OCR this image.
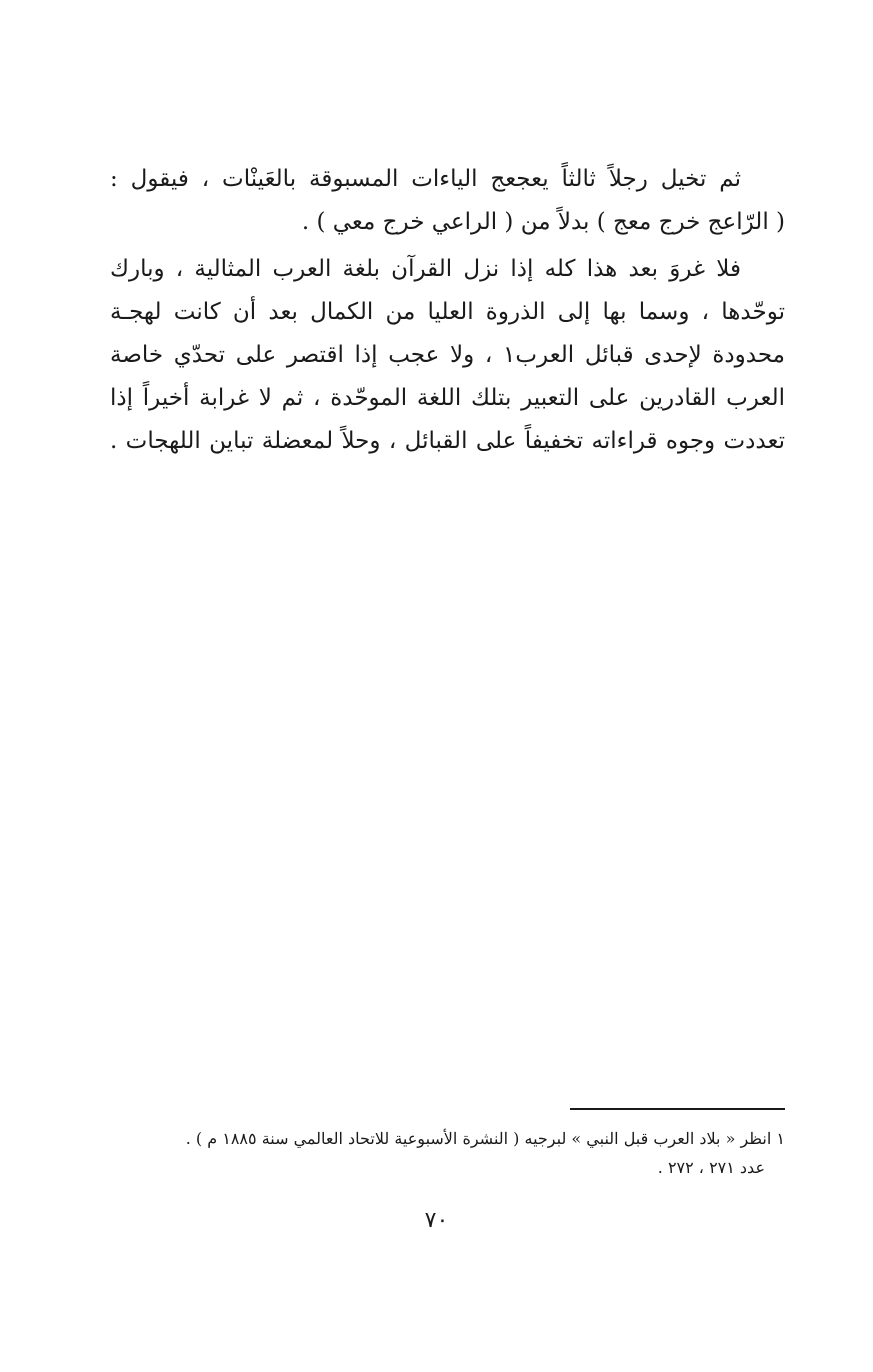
ثم تخيل رجلاً ثالثاً يعجعج الياءات المسبوقة بالعَينْات ، فيقول :
( الرّاعج خرج معج ) بدلاً من ( الراعي خرج معي ) .

فلا غروَ بعد هذا كله إذا نزل القرآن بلغة العرب المثالية ، وبارك
توحّدها ، وسما بها إلى الذروة العليا من الكمال بعد أن كانت لهجـة
محدودة لإحدى قبائل العرب١ ، ولا عجب إذا اقتصر على تحدّي خاصة
العرب القادرين على التعبير بتلك اللغة الموحّدة ، ثم لا غرابة أخيراً إذا
تعددت وجوه قراءاته تخفيفاً على القبائل ، وحلاً لمعضلة تباين اللهجات .

١ انظر « بلاد العرب قبل النبي » لبرجيه ( النشرة الأسبوعية للاتحاد العالمي سنة ١٨٨٥ م ) .
عدد ٢٧١ ، ٢٧٢ .
٧٠
